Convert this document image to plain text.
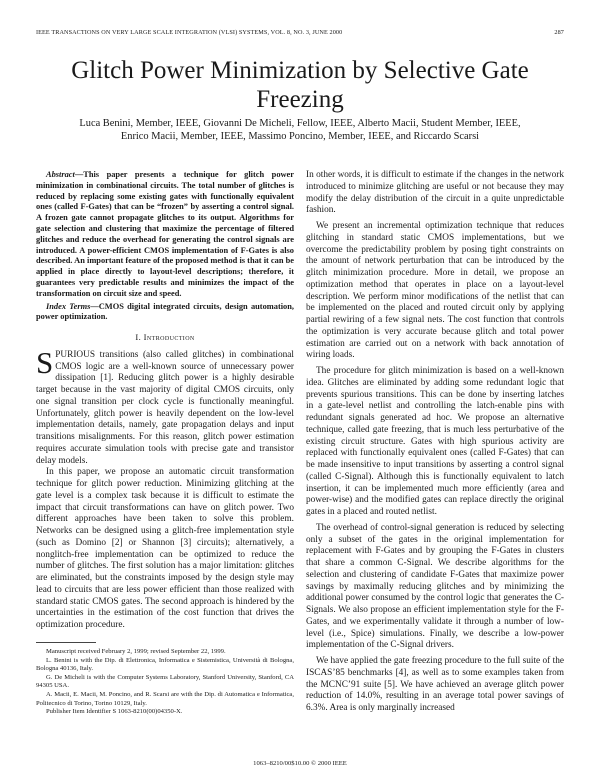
IEEE TRANSACTIONS ON VERY LARGE SCALE INTEGRATION (VLSI) SYSTEMS, VOL. 8, NO. 3, JUNE 2000	287
Glitch Power Minimization by Selective Gate Freezing
Luca Benini, Member, IEEE, Giovanni De Micheli, Fellow, IEEE, Alberto Macii, Student Member, IEEE,
Enrico Macii, Member, IEEE, Massimo Poncino, Member, IEEE, and Riccardo Scarsi

Abstract—This paper presents a technique for glitch power minimization in combinational circuits. The total number of glitches is reduced by replacing some existing gates with functionally equivalent ones (called F-Gates) that can be “frozen” by asserting a control signal. A frozen gate cannot propagate glitches to its output. Algorithms for gate selection and clustering that maximize the percentage of filtered glitches and reduce the overhead for generating the control signals are introduced. A power-efficient CMOS implementation of F-Gates is also described. An important feature of the proposed method is that it can be applied in place directly to layout-level descriptions; therefore, it guarantees very predictable results and minimizes the impact of the transformation on circuit size and speed.

Index Terms—CMOS digital integrated circuits, design automation, power optimization.

I. Introduction

SPURIOUS transitions (also called glitches) in combinational CMOS logic are a well-known source of unnecessary power dissipation [1]. Reducing glitch power is a highly desirable target because in the vast majority of digital CMOS circuits, only one signal transition per clock cycle is functionally meaningful. Unfortunately, glitch power is heavily dependent on the low-level implementation details, namely, gate propagation delays and input transitions misalignments. For this reason, glitch power estimation requires accurate simulation tools with precise gate and transistor delay models.

In this paper, we propose an automatic circuit transformation technique for glitch power reduction. Minimizing glitching at the gate level is a complex task because it is difficult to estimate the impact that circuit transformations can have on glitch power. Two different approaches have been taken to solve this problem. Networks can be designed using a glitch-free implementation style (such as Domino [2] or Shannon [3] circuits); alternatively, a nonglitch-free implementation can be optimized to reduce the number of glitches. The first solution has a major limitation: glitches are eliminated, but the constraints imposed by the design style may lead to circuits that are less power efficient than those realized with standard static CMOS gates. The second approach is hindered by the uncertainties in the estimation of the cost function that drives the optimization procedure.

Manuscript received February 2, 1999; revised September 22, 1999.

L. Benini is with the Dip. di Elettronica, Informatica e Sistemistica, Università di Bologna, Bologna 40136, Italy.

G. De Micheli is with the Computer Systems Laboratory, Stanford University, Stanford, CA 94305 USA.

A. Macii, E. Macii, M. Poncino, and R. Scarsi are with the Dip. di Automatica e Informatica, Politecnico di Torino, Torino 10129, Italy.

Publisher Item Identifier S 1063-8210(00)04350-X.

In other words, it is difficult to estimate if the changes in the network introduced to minimize glitching are useful or not because they may modify the delay distribution of the circuit in a quite unpredictable fashion.

We present an incremental optimization technique that reduces glitching in standard static CMOS implementations, but we overcome the predictability problem by posing tight constraints on the amount of network perturbation that can be introduced by the glitch minimization procedure. More in detail, we propose an optimization method that operates in place on a layout-level description. We perform minor modifications of the netlist that can be implemented on the placed and routed circuit only by applying partial rewiring of a few signal nets. The cost function that controls the optimization is very accurate because glitch and total power estimation are carried out on a network with back annotation of wiring loads.

The procedure for glitch minimization is based on a well-known idea. Glitches are eliminated by adding some redundant logic that prevents spurious transitions. This can be done by inserting latches in a gate-level netlist and controlling the latch-enable pins with redundant signals generated ad hoc. We propose an alternative technique, called gate freezing, that is much less perturbative of the existing circuit structure. Gates with high spurious activity are replaced with functionally equivalent ones (called F-Gates) that can be made insensitive to input transitions by asserting a control signal (called C-Signal). Although this is functionally equivalent to latch insertion, it can be implemented much more efficiently (area and power-wise) and the modified gates can replace directly the original gates in a placed and routed netlist.

The overhead of control-signal generation is reduced by selecting only a subset of the gates in the original implementation for replacement with F-Gates and by grouping the F-Gates in clusters that share a common C-Signal. We describe algorithms for the selection and clustering of candidate F-Gates that maximize power savings by maximally reducing glitches and by minimizing the additional power consumed by the control logic that generates the C-Signals. We also propose an efficient implementation style for the F-Gates, and we experimentally validate it through a number of low-level (i.e., Spice) simulations. Finally, we describe a low-power implementation of the C-Signal drivers.

We have applied the gate freezing procedure to the full suite of the ISCAS’85 benchmarks [4], as well as to some examples taken from the MCNC’91 suite [5]. We have achieved an average glitch power reduction of 14.0%, resulting in an average total power savings of 6.3%. Area is only marginally increased

1063–8210/00$10.00 © 2000 IEEE
